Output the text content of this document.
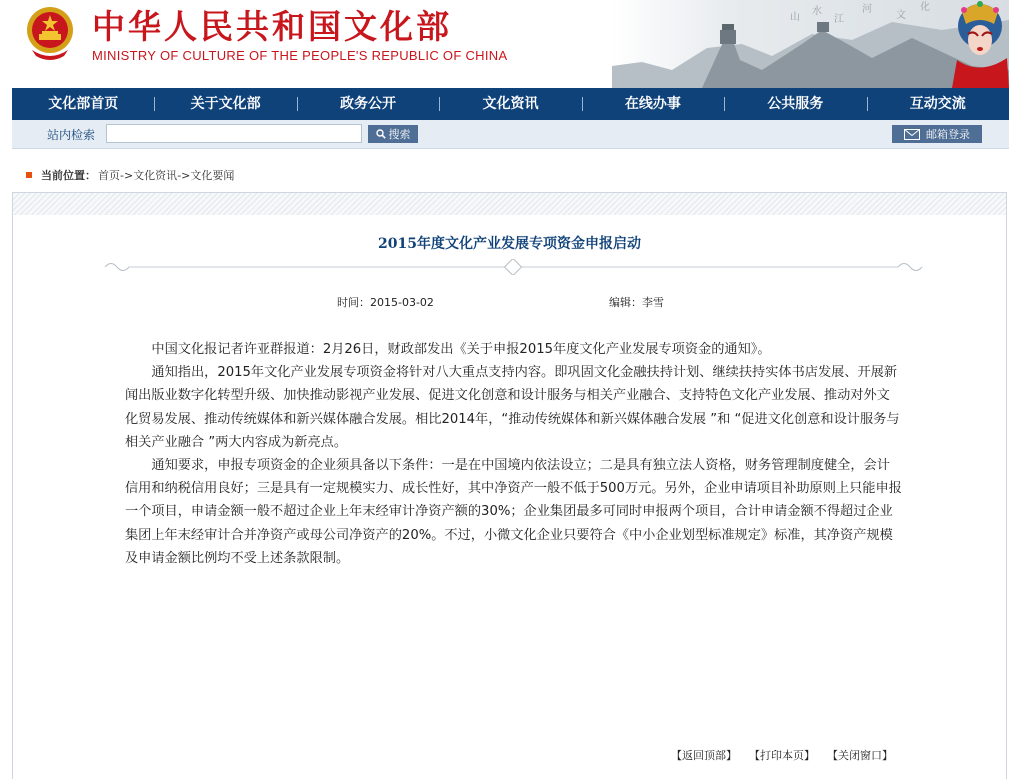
中华人民共和国文化部
MINISTRY OF CULTURE OF THE PEOPLE'S REPUBLIC OF CHINA
山
水
江
河
文
化
文化部首页	关于文化部	政务公开	文化资讯	在线办事	公共服务	互动交流
站内检索	搜索	邮箱登录
当前位置： 首页 -> 文化资讯 -> 文化要闻
2015年度文化产业发展专项资金申报启动
时间：2015-03-02	编辑：李雪

中国文化报记者许亚群报道：2月26日，财政部发出《关于申报2015年度文化产业发展专项资金的通知》。

通知指出，2015年文化产业发展专项资金将针对八大重点支持内容。即巩固文化金融扶持计划、继续扶持实体书店发展、开展新闻出版业数字化转型升级、加快推动影视产业发展、促进文化创意和设计服务与相关产业融合、支持特色文化产业发展、推动对外文化贸易发展、推动传统媒体和新兴媒体融合发展。相比2014年，“推动传统媒体和新兴媒体融合发展 ”和 “促进文化创意和设计服务与相关产业融合 ”两大内容成为新亮点。

通知要求，申报专项资金的企业须具备以下条件：一是在中国境内依法设立；二是具有独立法人资格，财务管理制度健全，会计信用和纳税信用良好；三是具有一定规模实力、成长性好，其中净资产一般不低于500万元。另外，企业申请项目补助原则上只能申报一个项目，申请金额一般不超过企业上年末经审计净资产额的30%；企业集团最多可同时申报两个项目，合计申请金额不得超过企业集团上年末经审计合并净资产或母公司净资产的20%。不过，小微文化企业只要符合《中小企业划型标准规定》标准，其净资产规模及申请金额比例均不受上述条款限制。

【返回顶部】 【打印本页】 【关闭窗口】
